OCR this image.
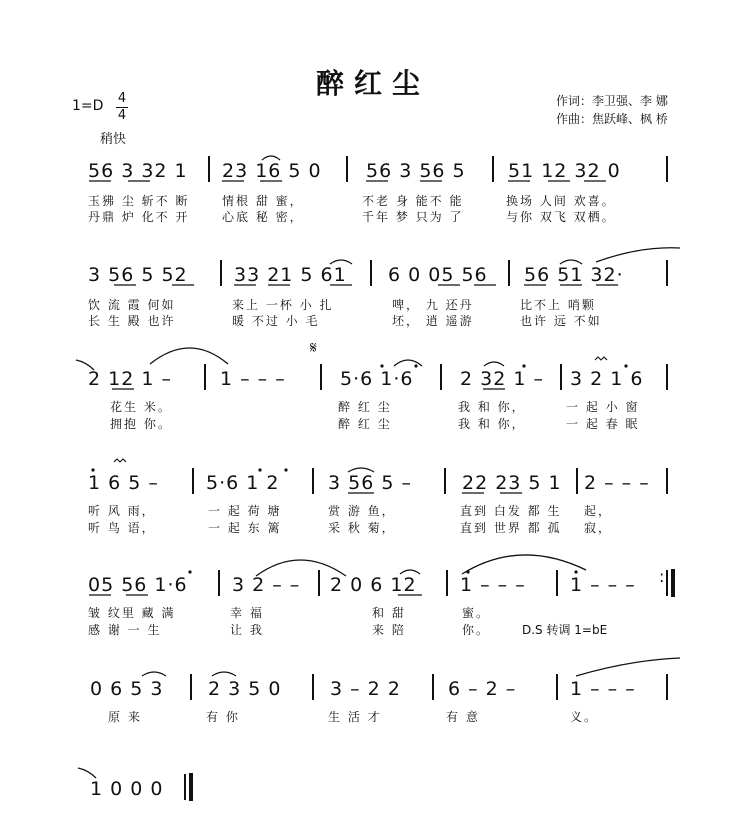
醉红尘
作词：李卫强、李 娜
作曲：焦跃峰、枫 桥
1=D 4
4
稍快
56 3 32 1 23 16 5 0 56 3 56 5 51 12 32 0
玉狒 尘 斩不 断	情根 甜 蜜，	不老 身 能不 能	换场 人间 欢喜。
丹鼎 炉 化不 开	心底 秘 密，	千年 梦 只为 了	与你 双飞 双栖。
3 56 5 52 33 21 5 61 6 0 05 56 56 51 32·
饮 流 霞 何如	来上 一杯 小 扎	啤， 九 还丹	比不上 哨颗
长 生 殿 也许	暖 不过 小 毛	坯， 逍 遥游	也许 远 不如
2 12 1 –	1 – – –	5·6 1·6 2 32 1 – 3 2 1 6
花生 米。	醉 红 尘	我 和 你，	一 起 小 窗
拥抱 你。	醉 红 尘	我 和 你，	一 起 春 眠
𝄋
1 6 5 – 5·6 1 2	3 56 5 –	22 23 5 1 2 – – –
听 风 雨，	一 起 荷 塘	赏 游 鱼，	直到 白发 都 生 起，
听 鸟 语，	一 起 东 篱	采 秋 菊，	直到 世界 都 孤 寂，
05 56 1·6 3 2 – – 2 0 6 12 1 – – – 1 – – –
皱 纹里 藏 满	幸 福	和 甜	蜜。
感 谢 一 生	让 我	来 陪	你。	D.S 转调 1=bE
:
0 6 5 3 2 3 5 0	3 – 2 2 6 – 2 –	1 – – –
原 来	有 你	生 活 才	有 意	义。
1 0 0 0
